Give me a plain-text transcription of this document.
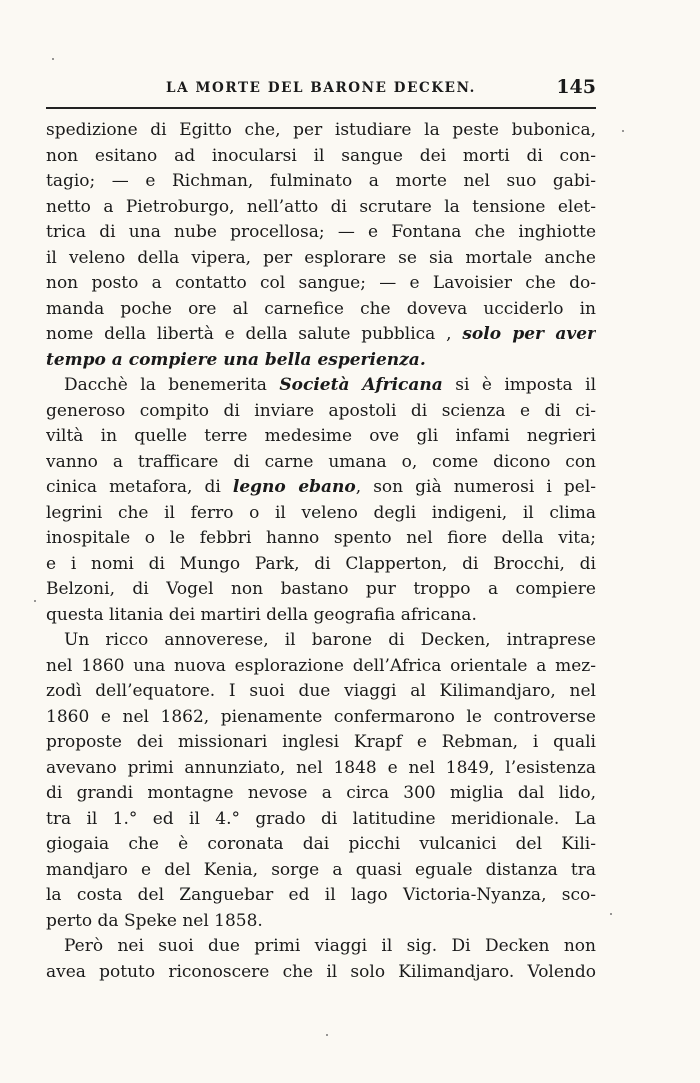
LA MORTE DEL BARONE DECKEN.	145
spedizione di Egitto che, per istudiare la peste bubonica,
non esitano ad inocularsi il sangue dei morti di con-
tagio; — e Richman, fulminato a morte nel suo gabi-
netto a Pietroburgo, nell’atto di scrutare la tensione elet-
trica di una nube procellosa; — e Fontana che inghiotte
il veleno della vipera, per esplorare se sia mortale anche
non posto a contatto col sangue; — e Lavoisier che do-
manda poche ore al carnefice che doveva ucciderlo in
nome della libertà e della salute pubblica , solo per aver
tempo a compiere una bella esperienza.
Dacchè la benemerita Società Africana si è imposta il
generoso compito di inviare apostoli di scienza e di ci-
viltà in quelle terre medesime ove gli infami negrieri
vanno a trafficare di carne umana o, come dicono con
cinica metafora, di legno ebano, son già numerosi i pel-
legrini che il ferro o il veleno degli indigeni, il clima
inospitale o le febbri hanno spento nel fiore della vita;
e i nomi di Mungo Park, di Clapperton, di Brocchi, di
Belzoni, di Vogel non bastano pur troppo a compiere
questa litania dei martiri della geografia africana.
Un ricco annoverese, il barone di Decken, intraprese
nel 1860 una nuova esplorazione dell’Africa orientale a mez-
zodì dell’equatore. I suoi due viaggi al Kilimandjaro, nel
1860 e nel 1862, pienamente confermarono le controverse
proposte dei missionari inglesi Krapf e Rebman, i quali
avevano primi annunziato, nel 1848 e nel 1849, l’esistenza
di grandi montagne nevose a circa 300 miglia dal lido,
tra il 1.° ed il 4.° grado di latitudine meridionale. La
giogaia che è coronata dai picchi vulcanici del Kili-
mandjaro e del Kenia, sorge a quasi eguale distanza tra
la costa del Zanguebar ed il lago Victoria-Nyanza, sco-
perto da Speke nel 1858.
Però nei suoi due primi viaggi il sig. Di Decken non
avea potuto riconoscere che il solo Kilimandjaro. Volendo
